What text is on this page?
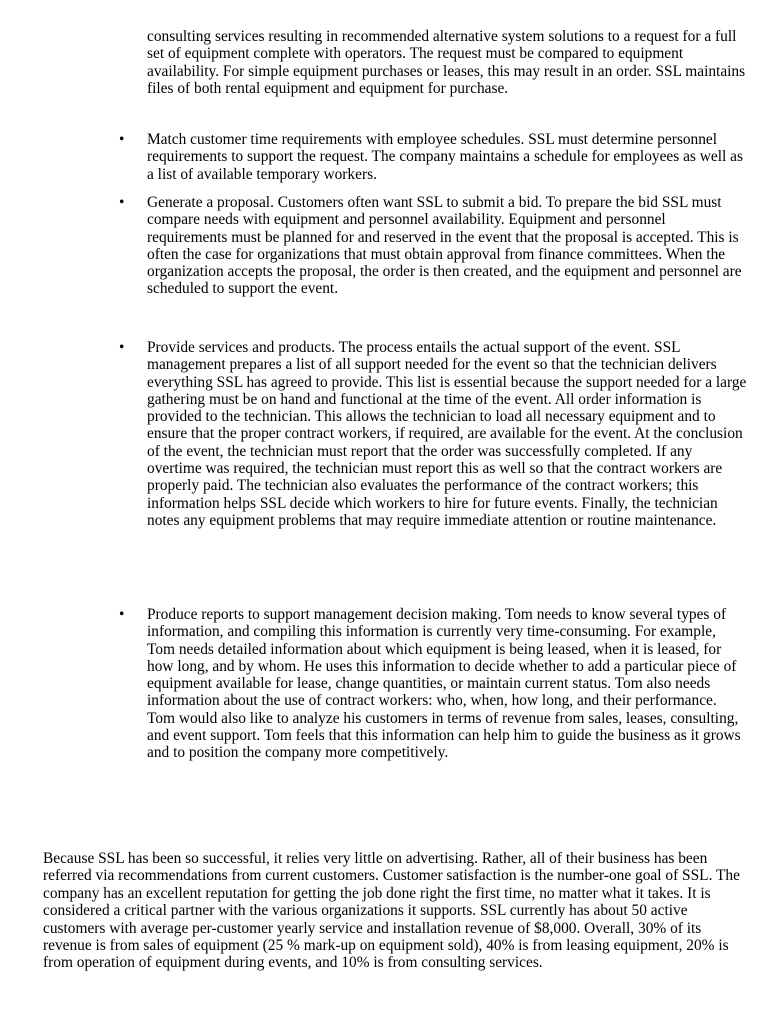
consulting services resulting in recommended alternative system solutions to a request for a full set of equipment complete with operators. The request must be compared to equipment availability. For simple equipment purchases or leases, this may result in an order. SSL maintains files of both rental equipment and equipment for purchase.

• Match customer time requirements with employee schedules. SSL must determine personnel requirements to support the request. The company maintains a schedule for employees as well as a list of available temporary workers.

• Generate a proposal. Customers often want SSL to submit a bid. To prepare the bid SSL must compare needs with equipment and personnel availability. Equipment and personnel requirements must be planned for and reserved in the event that the proposal is accepted. This is often the case for organizations that must obtain approval from finance committees. When the organization accepts the proposal, the order is then created, and the equipment and personnel are scheduled to support the event.

• Provide services and products. The process entails the actual support of the event. SSL management prepares a list of all support needed for the event so that the technician delivers everything SSL has agreed to provide. This list is essential because the support needed for a large gathering must be on hand and functional at the time of the event. All order information is provided to the technician. This allows the technician to load all necessary equipment and to ensure that the proper contract workers, if required, are available for the event. At the conclusion of the event, the technician must report that the order was successfully completed. If any overtime was required, the technician must report this as well so that the contract workers are properly paid. The technician also evaluates the performance of the contract workers; this information helps SSL decide which workers to hire for future events. Finally, the technician notes any equipment problems that may require immediate attention or routine maintenance.

• Produce reports to support management decision making. Tom needs to know several types of information, and compiling this information is currently very time-consuming. For example, Tom needs detailed information about which equipment is being leased, when it is leased, for how long, and by whom. He uses this information to decide whether to add a particular piece of equipment available for lease, change quantities, or maintain current status. Tom also needs information about the use of contract workers: who, when, how long, and their performance. Tom would also like to analyze his customers in terms of revenue from sales, leases, consulting, and event support. Tom feels that this information can help him to guide the business as it grows and to position the company more competitively.

Because SSL has been so successful, it relies very little on advertising. Rather, all of their business has been referred via recommendations from current customers. Customer satisfaction is the number-one goal of SSL. The company has an excellent reputation for getting the job done right the first time, no matter what it takes. It is considered a critical partner with the various organizations it supports. SSL currently has about 50 active customers with average per-customer yearly service and installation revenue of $8,000. Overall, 30% of its revenue is from sales of equipment (25 % mark-up on equipment sold), 40% is from leasing equipment, 20% is from operation of equipment during events, and 10% is from consulting services.
